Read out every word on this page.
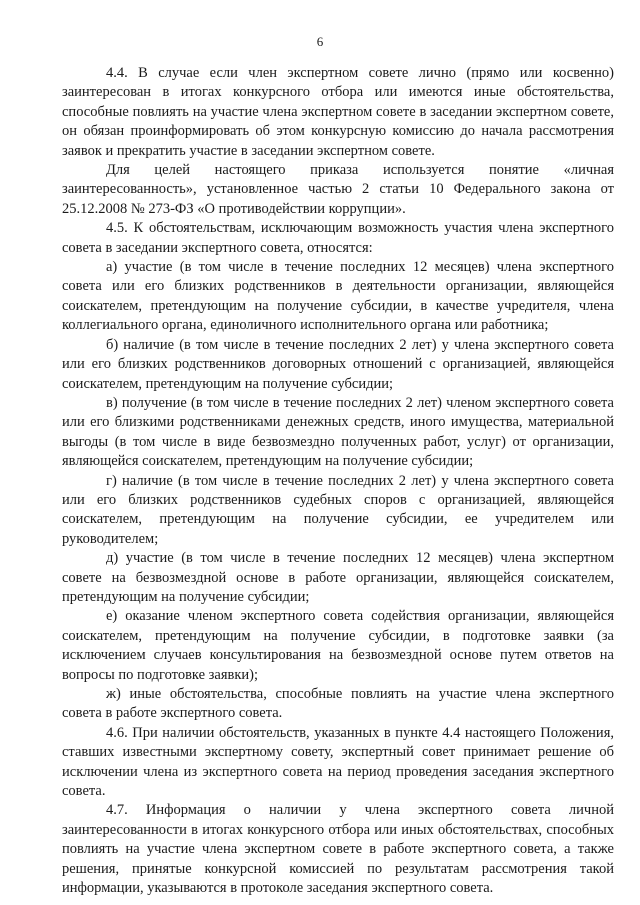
6

4.4. В случае если член экспертном совете лично (прямо или косвенно) заинтересован в итогах конкурсного отбора или имеются иные обстоятельства, способные повлиять на участие члена экспертном совете в заседании экспертном совете, он обязан проинформировать об этом конкурсную комиссию до начала рассмотрения заявок и прекратить участие в заседании экспертном совете.

Для целей настоящего приказа используется понятие «личная заинтересованность», установленное частью 2 статьи 10 Федерального закона от 25.12.2008 № 273-ФЗ «О противодействии коррупции».

4.5. К обстоятельствам, исключающим возможность участия члена экспертного совета в заседании экспертного совета, относятся:

а) участие (в том числе в течение последних 12 месяцев) члена экспертного совета или его близких родственников в деятельности организации, являющейся соискателем, претендующим на получение субсидии, в качестве учредителя, члена коллегиального органа, единоличного исполнительного органа или работника;

б) наличие (в том числе в течение последних 2 лет) у члена экспертного совета или его близких родственников договорных отношений с организацией, являющейся соискателем, претендующим на получение субсидии;

в) получение (в том числе в течение последних 2 лет) членом экспертного совета или его близкими родственниками денежных средств, иного имущества, материальной выгоды (в том числе в виде безвозмездно полученных работ, услуг) от организации, являющейся соискателем, претендующим на получение субсидии;

г) наличие (в том числе в течение последних 2 лет) у члена экспертного совета или его близких родственников судебных споров с организацией, являющейся соискателем, претендующим на получение субсидии, ее учредителем или руководителем;

д) участие (в том числе в течение последних 12 месяцев) члена экспертном совете на безвозмездной основе в работе организации, являющейся соискателем, претендующим на получение субсидии;

е) оказание членом экспертного совета содействия организации, являющейся соискателем, претендующим на получение субсидии, в подготовке заявки (за исключением случаев консультирования на безвозмездной основе путем ответов на вопросы по подготовке заявки);

ж) иные обстоятельства, способные повлиять на участие члена экспертного совета в работе экспертного совета.

4.6. При наличии обстоятельств, указанных в пункте 4.4 настоящего Положения, ставших известными экспертному совету, экспертный совет принимает решение об исключении члена из экспертного совета на период проведения заседания экспертного совета.

4.7. Информация о наличии у члена экспертного совета личной заинтересованности в итогах конкурсного отбора или иных обстоятельствах, способных повлиять на участие члена экспертном совете в работе экспертного совета, а также решения, принятые конкурсной комиссией по результатам рассмотрения такой информации, указываются в протоколе заседания экспертного совета.
